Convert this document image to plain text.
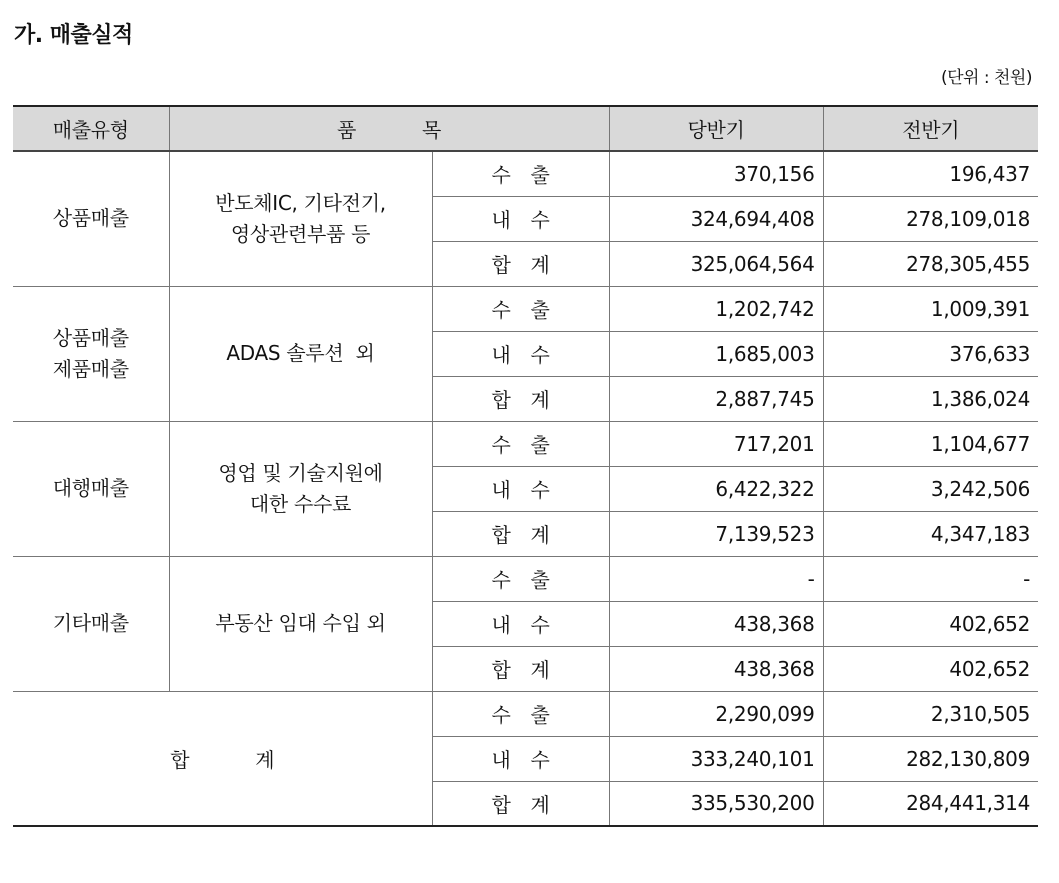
가. 매출실적
(단위 : 천원)
매출유형	품 목		당반기	전반기

상품매출	반도체IC, 기타전기,
영상관련부품 등	수 출	370,156	196,437
		내 수	324,694,408	278,109,018
		합 계	325,064,564	278,305,455

상품매출
제품매출	ADAS 솔루션  외	수 출	1,202,742	1,009,391
		내 수	1,685,003	376,633
		합 계	2,887,745	1,386,024

대행매출	영업 및 기술지원에
대한 수수료	수 출	717,201	1,104,677
		내 수	6,422,322	3,242,506
		합 계	7,139,523	4,347,183

기타매출	부동산 임대 수입 외	수 출	-	-
		내 수	438,368	402,652
		합 계	438,368	402,652
합 계		수 출	2,290,099	2,310,505
		내 수	333,240,101	282,130,809
		합 계	335,530,200	284,441,314
